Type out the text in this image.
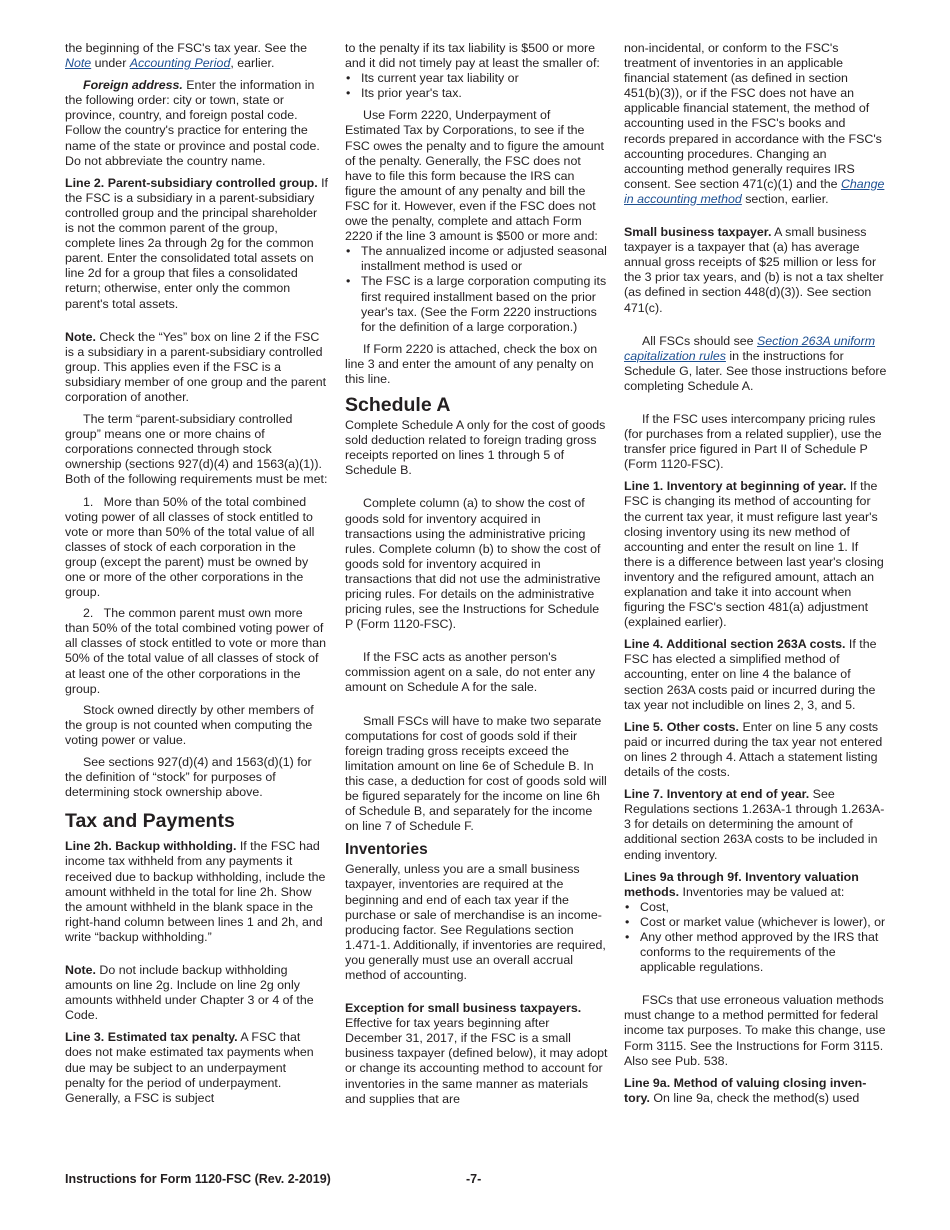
the beginning of the FSC's tax year. See the Note under Accounting Period, earlier.

Foreign address. Enter the information in the following order: city or town, state or province, country, and foreign postal code. Follow the country's practice for entering the name of the state or province and postal code. Do not abbreviate the country name.

Line 2. Parent-subsidiary controlled group. If the FSC is a subsidiary in a parent-subsidiary controlled group and the principal shareholder is not the common parent of the group, complete lines 2a through 2g for the common parent. Enter the consolidated total assets on line 2d for a group that files a consolidated return; otherwise, enter only the common parent's total assets.

Note. Check the “Yes” box on line 2 if the FSC is a subsidiary in a parent-subsidiary controlled group. This applies even if the FSC is a subsidiary member of one group and the parent corporation of another.

The term “parent-subsidiary controlled group” means one or more chains of corporations connected through stock ownership (sections 927(d)(4) and 1563(a)(1)). Both of the following requirements must be met:

1.   More than 50% of the total combined voting power of all classes of stock entitled to vote or more than 50% of the total value of all classes of stock of each corporation in the group (except the parent) must be owned by one or more of the other corporations in the group.

2.   The common parent must own more than 50% of the total combined voting power of all classes of stock entitled to vote or more than 50% of the total value of all classes of stock of at least one of the other corporations in the group.

Stock owned directly by other members of the group is not counted when computing the voting power or value.

See sections 927(d)(4) and 1563(d)(1) for the definition of “stock” for purposes of determining stock ownership above.

Tax and Payments

Line 2h. Backup withholding. If the FSC had income tax withheld from any payments it received due to backup withholding, include the amount withheld in the total for line 2h. Show the amount withheld in the blank space in the right-hand column between lines 1 and 2h, and write “backup withholding.”

Note. Do not include backup withholding amounts on line 2g. Include on line 2g only amounts withheld under Chapter 3 or 4 of the Code.

Line 3. Estimated tax penalty. A FSC that does not make estimated tax payments when due may be subject to an underpayment penalty for the period of underpayment. Generally, a FSC is subject

to the penalty if its tax liability is $500 or more and it did not timely pay at least the smaller of:

• Its current year tax liability or
• Its prior year's tax.

Use Form 2220, Underpayment of Estimated Tax by Corporations, to see if the FSC owes the penalty and to figure the amount of the penalty. Generally, the FSC does not have to file this form because the IRS can figure the amount of any penalty and bill the FSC for it. However, even if the FSC does not owe the penalty, complete and attach Form 2220 if the line 3 amount is $500 or more and:

• The annualized income or adjusted seasonal installment method is used or
• The FSC is a large corporation computing its first required installment based on the prior year's tax. (See the Form 2220 instructions for the definition of a large corporation.)

If Form 2220 is attached, check the box on line 3 and enter the amount of any penalty on this line.

Schedule A

Complete Schedule A only for the cost of goods sold deduction related to foreign trading gross receipts reported on lines 1 through 5 of Schedule B.

Complete column (a) to show the cost of goods sold for inventory acquired in transactions using the administrative pricing rules. Complete column (b) to show the cost of goods sold for inventory acquired in transactions that did not use the administrative pricing rules. For details on the administrative pricing rules, see the Instructions for Schedule P (Form 1120-FSC).

If the FSC acts as another person's commission agent on a sale, do not enter any amount on Schedule A for the sale.

Small FSCs will have to make two separate computations for cost of goods sold if their foreign trading gross receipts exceed the limitation amount on line 6e of Schedule B. In this case, a deduction for cost of goods sold will be figured separately for the income on line 6h of Schedule B, and separately for the income on line 7 of Schedule F.

Inventories

Generally, unless you are a small business taxpayer, inventories are required at the beginning and end of each tax year if the purchase or sale of merchandise is an income-producing factor. See Regulations section 1.471-1. Additionally, if inventories are required, you generally must use an overall accrual method of accounting.

Exception for small business taxpayers. Effective for tax years beginning after December 31, 2017, if the FSC is a small business taxpayer (defined below), it may adopt or change its accounting method to account for inventories in the same manner as materials and supplies that are

non-incidental, or conform to the FSC's treatment of inventories in an applicable financial statement (as defined in section 451(b)(3)), or if the FSC does not have an applicable financial statement, the method of accounting used in the FSC's books and records prepared in accordance with the FSC's accounting procedures. Changing an accounting method generally requires IRS consent. See section 471(c)(1) and the Change in accounting method section, earlier.

Small business taxpayer. A small business taxpayer is a taxpayer that (a) has average annual gross receipts of $25 million or less for the 3 prior tax years, and (b) is not a tax shelter (as defined in section 448(d)(3)). See section 471(c).

All FSCs should see Section 263A uniform capitalization rules in the instructions for Schedule G, later. See those instructions before completing Schedule A.

If the FSC uses intercompany pricing rules (for purchases from a related supplier), use the transfer price figured in Part II of Schedule P (Form 1120-FSC).

Line 1. Inventory at beginning of year. If the FSC is changing its method of accounting for the current tax year, it must refigure last year's closing inventory using its new method of accounting and enter the result on line 1. If there is a difference between last year's closing inventory and the refigured amount, attach an explanation and take it into account when figuring the FSC's section 481(a) adjustment (explained earlier).

Line 4. Additional section 263A costs. If the FSC has elected a simplified method of accounting, enter on line 4 the balance of section 263A costs paid or incurred during the tax year not includible on lines 2, 3, and 5.

Line 5. Other costs. Enter on line 5 any costs paid or incurred during the tax year not entered on lines 2 through 4. Attach a statement listing details of the costs.

Line 7. Inventory at end of year. See Regulations sections 1.263A-1 through 1.263A-3 for details on determining the amount of additional section 263A costs to be included in ending inventory.

Lines 9a through 9f. Inventory valuation methods. Inventories may be valued at:

• Cost,
• Cost or market value (whichever is lower), or
• Any other method approved by the IRS that conforms to the requirements of the applicable regulations.

FSCs that use erroneous valuation methods must change to a method permitted for federal income tax purposes. To make this change, use Form 3115. See the Instructions for Form 3115. Also see Pub. 538.

Line 9a. Method of valuing closing inven-tory. On line 9a, check the method(s) used

Instructions for Form 1120-FSC (Rev. 2-2019)	-7-
